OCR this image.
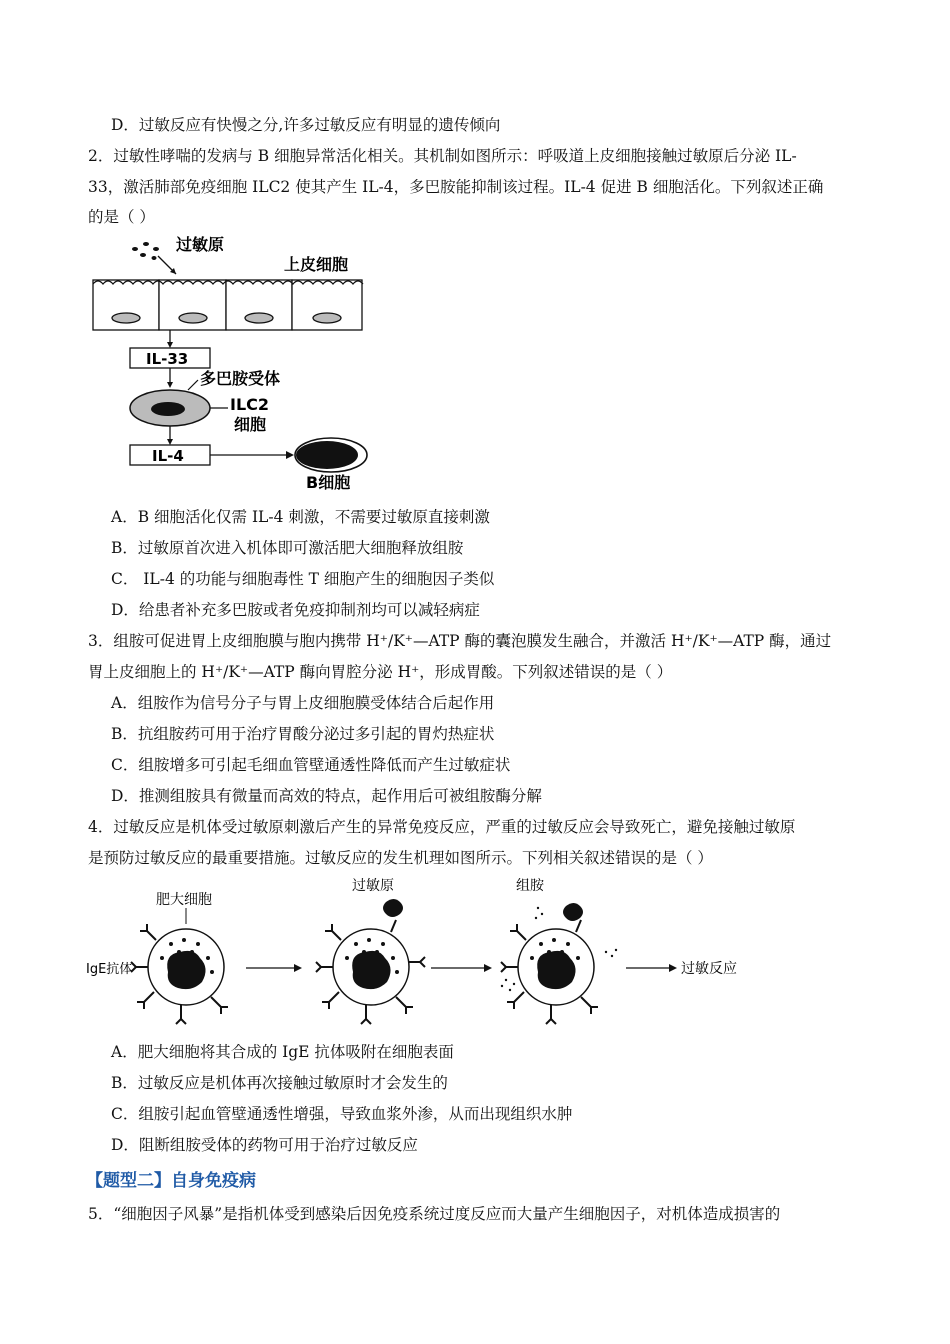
D．过敏反应有快慢之分,许多过敏反应有明显的遗传倾向
2．过敏性哮喘的发病与 B 细胞异常活化相关。其机制如图所示：呼吸道上皮细胞接触过敏原后分泌 IL-
33，激活肺部免疫细胞 ILC2 使其产生 IL-4，多巴胺能抑制该过程。IL-4 促进 B 细胞活化。下列叙述正确
的是（ ）
过敏原
上皮细胞
IL-33
多巴胺受体
ILC2
细胞
IL-4
B细胞
A．B 细胞活化仅需 IL-4 刺激，不需要过敏原直接刺激
B．过敏原首次进入机体即可激活肥大细胞释放组胺
C． IL-4 的功能与细胞毒性 T 细胞产生的细胞因子类似
D．给患者补充多巴胺或者免疫抑制剂均可以减轻病症
3．组胺可促进胃上皮细胞膜与胞内携带 H⁺/K⁺—ATP 酶的囊泡膜发生融合，并激活 H⁺/K⁺—ATP 酶，通过
胃上皮细胞上的 H⁺/K⁺—ATP 酶向胃腔分泌 H⁺，形成胃酸。下列叙述错误的是（ ）
A．组胺作为信号分子与胃上皮细胞膜受体结合后起作用
B．抗组胺药可用于治疗胃酸分泌过多引起的胃灼热症状
C．组胺增多可引起毛细血管壁通透性降低而产生过敏症状
D．推测组胺具有微量而高效的特点，起作用后可被组胺酶分解
4．过敏反应是机体受过敏原刺激后产生的异常免疫反应，严重的过敏反应会导致死亡，避免接触过敏原
是预防过敏反应的最重要措施。过敏反应的发生机理如图所示。下列相关叙述错误的是（ ）
肥大细胞
IgE抗体
过敏原	组胺
过敏反应
A．肥大细胞将其合成的 IgE 抗体吸附在细胞表面
B．过敏反应是机体再次接触过敏原时才会发生的
C．组胺引起血管壁通透性增强，导致血浆外渗，从而出现组织水肿
D．阻断组胺受体的药物可用于治疗过敏反应
【题型二】自身免疫病
5．“细胞因子风暴”是指机体受到感染后因免疫系统过度反应而大量产生细胞因子，对机体造成损害的
